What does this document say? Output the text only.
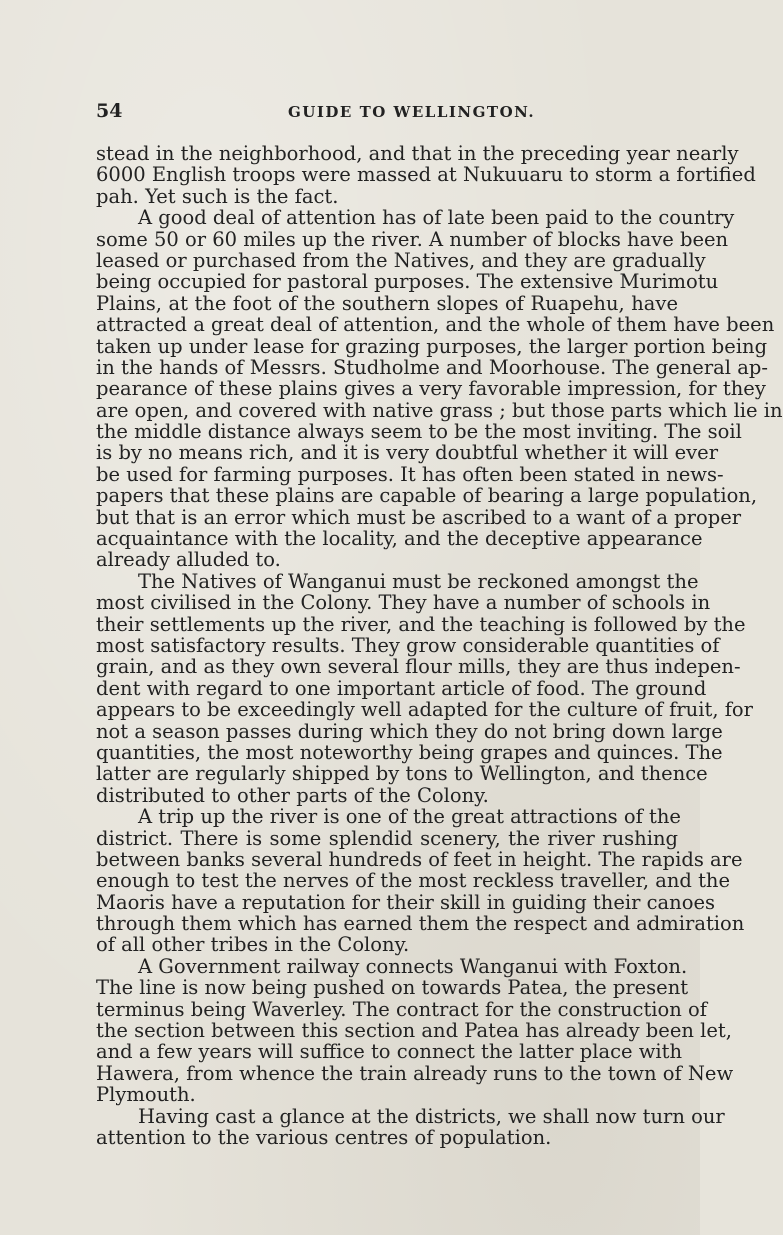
54	GUIDE TO WELLINGTON.
stead in the neighborhood, and that in the preceding year nearly
6000 English troops were massed at Nukuuaru to storm a fortified
pah. Yet such is the fact.
A good deal of attention has of late been paid to the country
some 50 or 60 miles up the river. A number of blocks have been
leased or purchased from the Natives, and they are gradually
being occupied for pastoral purposes. The extensive Murimotu
Plains, at the foot of the southern slopes of Ruapehu, have
attracted a great deal of attention, and the whole of them have been
taken up under lease for grazing purposes, the larger portion being
in the hands of Messrs. Studholme and Moorhouse. The general ap-
pearance of these plains gives a very favorable impression, for they
are open, and covered with native grass ; but those parts which lie in
the middle distance always seem to be the most inviting. The soil
is by no means rich, and it is very doubtful whether it will ever
be used for farming purposes. It has often been stated in news-
papers that these plains are capable of bearing a large population,
but that is an error which must be ascribed to a want of a proper
acquaintance with the locality, and the deceptive appearance
already alluded to.
The Natives of Wanganui must be reckoned amongst the
most civilised in the Colony. They have a number of schools in
their settlements up the river, and the teaching is followed by the
most satisfactory results. They grow considerable quantities of
grain, and as they own several flour mills, they are thus indepen-
dent with regard to one important article of food. The ground
appears to be exceedingly well adapted for the culture of fruit, for
not a season passes during which they do not bring down large
quantities, the most noteworthy being grapes and quinces. The
latter are regularly shipped by tons to Wellington, and thence
distributed to other parts of the Colony.
A trip up the river is one of the great attractions of the
district. There is some splendid scenery, the river rushing
between banks several hundreds of feet in height. The rapids are
enough to test the nerves of the most reckless traveller, and the
Maoris have a reputation for their skill in guiding their canoes
through them which has earned them the respect and admiration
of all other tribes in the Colony.
A Government railway connects Wanganui with Foxton.
The line is now being pushed on towards Patea, the present
terminus being Waverley. The contract for the construction of
the section between this section and Patea has already been let,
and a few years will suffice to connect the latter place with
Hawera, from whence the train already runs to the town of New
Plymouth.
Having cast a glance at the districts, we shall now turn our
attention to the various centres of population.
